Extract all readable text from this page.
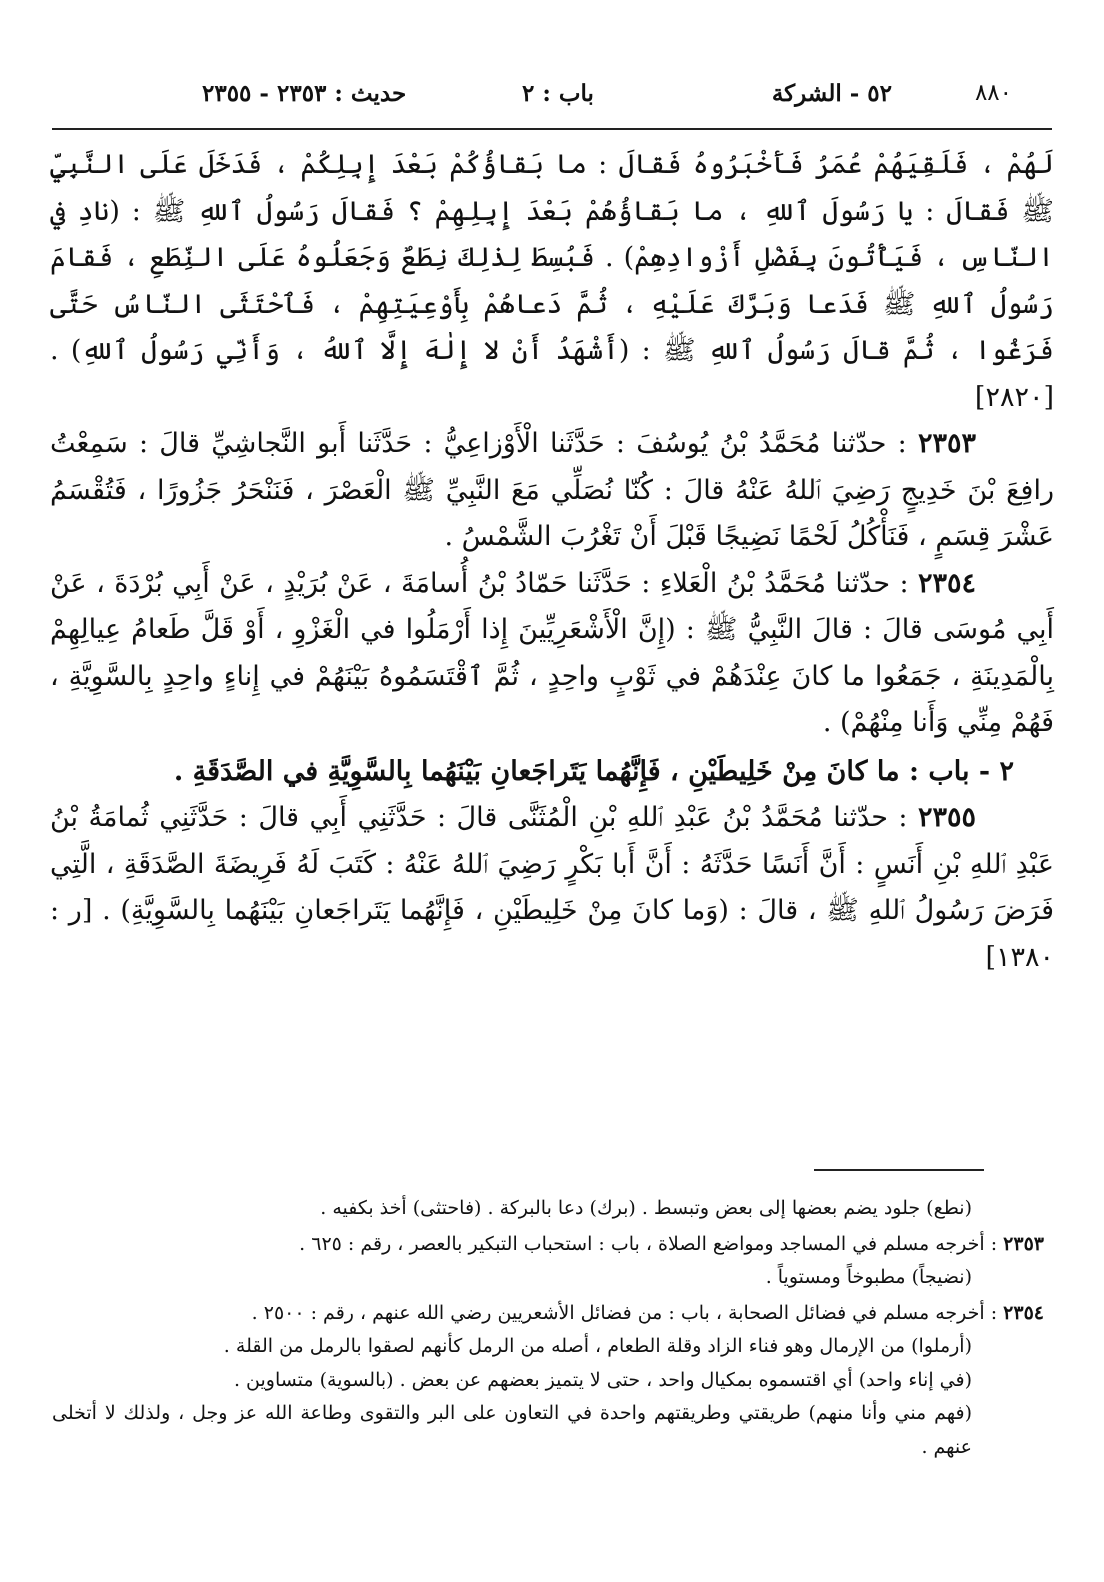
٨٨٠
٥٢ - الشركة
باب : ٢
حديث : ٢٣٥٣ - ٢٣٥٥

لَهُمْ ، فَلَقِيَهُمْ عُمَرُ فَأَخْبَرُوهُ فَقالَ : ما بَقاؤُكُمْ بَعْدَ إِبِلِكُمْ ، فَدَخَلَ عَلَى النَّبِيِّ ﷺ فَقالَ : يا رَسُولَ ٱللهِ ، ما بَقاؤُهُمْ بَعْدَ إِبِلِهِمْ ؟ فَقالَ رَسُولُ ٱللهِ ﷺ : (نادِ في النّاسِ ، فَيَأْتُونَ بِفَضْلِ أَزْوادِهِمْ) . فَبُسِطَ لِذٰلِكَ نِطَعٌ وَجَعَلُوهُ عَلَى النِّطَعِ ، فَقامَ رَسُولُ ٱللهِ ﷺ فَدَعا وَبَرَّكَ عَلَيْهِ ، ثُمَّ دَعاهُمْ بِأَوْعِيَتِهِمْ ، فَٱحْتَثَى النّاسُ حَتَّى فَرَغُوا ، ثُمَّ قالَ رَسُولُ ٱللهِ ﷺ : (أَشْهَدُ أَنْ لا إِلٰهَ إِلَّا ٱللهُ ، وَأَنِّي رَسُولُ ٱللهِ) . [٢٨٢٠]

٢٣٥٣ : حدّثنا مُحَمَّدُ بْنُ يُوسُفَ : حَدَّثَنا الْأَوْزاعِيُّ : حَدَّثَنا أَبو النَّجاشِيِّ قالَ : سَمِعْتُ رافِعَ بْنَ خَدِيجٍ رَضِيَ ٱللهُ عَنْهُ قالَ : كُنّا نُصَلِّي مَعَ النَّبِيِّ ﷺ الْعَصْرَ ، فَنَنْحَرُ جَزُورًا ، فَتُقْسَمُ عَشْرَ قِسَمٍ ، فَنَأْكُلُ لَحْمًا نَضِيجًا قَبْلَ أَنْ تَغْرُبَ الشَّمْسُ .

٢٣٥٤ : حدّثنا مُحَمَّدُ بْنُ الْعَلاءِ : حَدَّثَنا حَمّادُ بْنُ أُسامَةَ ، عَنْ بُرَيْدٍ ، عَنْ أَبِي بُرْدَةَ ، عَنْ أَبِي مُوسَى قالَ : قالَ النَّبِيُّ ﷺ : (إِنَّ الْأَشْعَرِيِّينَ إِذا أَرْمَلُوا في الْغَزْوِ ، أَوْ قَلَّ طَعامُ عِيالِهِمْ بِالْمَدِينَةِ ، جَمَعُوا ما كانَ عِنْدَهُمْ في ثَوْبٍ واحِدٍ ، ثُمَّ ٱقْتَسَمُوهُ بَيْنَهُمْ في إِناءٍ واحِدٍ بِالسَّوِيَّةِ ، فَهُمْ مِنِّي وَأَنا مِنْهُمْ) .

٢ - باب : ما كانَ مِنْ خَلِيطَيْنِ ، فَإِنَّهُما يَتَراجَعانِ بَيْنَهُما بِالسَّوِيَّةِ في الصَّدَقَةِ .

٢٣٥٥ : حدّثنا مُحَمَّدُ بْنُ عَبْدِ ٱللهِ بْنِ الْمُثَنَّى قالَ : حَدَّثَنِي أَبِي قالَ : حَدَّثَنِي ثُمامَةُ بْنُ عَبْدِ ٱللهِ بْنِ أَنَسٍ : أَنَّ أَنَسًا حَدَّثَهُ : أَنَّ أَبا بَكْرٍ رَضِيَ ٱللهُ عَنْهُ : كَتَبَ لَهُ فَرِيضَةَ الصَّدَقَةِ ، الَّتِي فَرَضَ رَسُولُ ٱللهِ ﷺ ، قالَ : (وَما كانَ مِنْ خَلِيطَيْنِ ، فَإِنَّهُما يَتَراجَعانِ بَيْنَهُما بِالسَّوِيَّةِ) . [ر : ١٣٨٠]

(نطع) جلود يضم بعضها إلى بعض وتبسط . (برك) دعا بالبركة . (فاحتثى) أخذ بكفيه .

٢٣٥٣ : أخرجه مسلم في المساجد ومواضع الصلاة ، باب : استحباب التبكير بالعصر ، رقم : ٦٢٥ .

(نضيجاً) مطبوخاً ومستوياً .

٢٣٥٤ : أخرجه مسلم في فضائل الصحابة ، باب : من فضائل الأشعريين رضي الله عنهم ، رقم : ٢٥٠٠ .

(أرملوا) من الإرمال وهو فناء الزاد وقلة الطعام ، أصله من الرمل كأنهم لصقوا بالرمل من القلة .

(في إناء واحد) أي اقتسموه بمكيال واحد ، حتى لا يتميز بعضهم عن بعض . (بالسوية) متساوين .

(فهم مني وأنا منهم) طريقتي وطريقتهم واحدة في التعاون على البر والتقوى وطاعة الله عز وجل ، ولذلك لا أتخلى عنهم .
